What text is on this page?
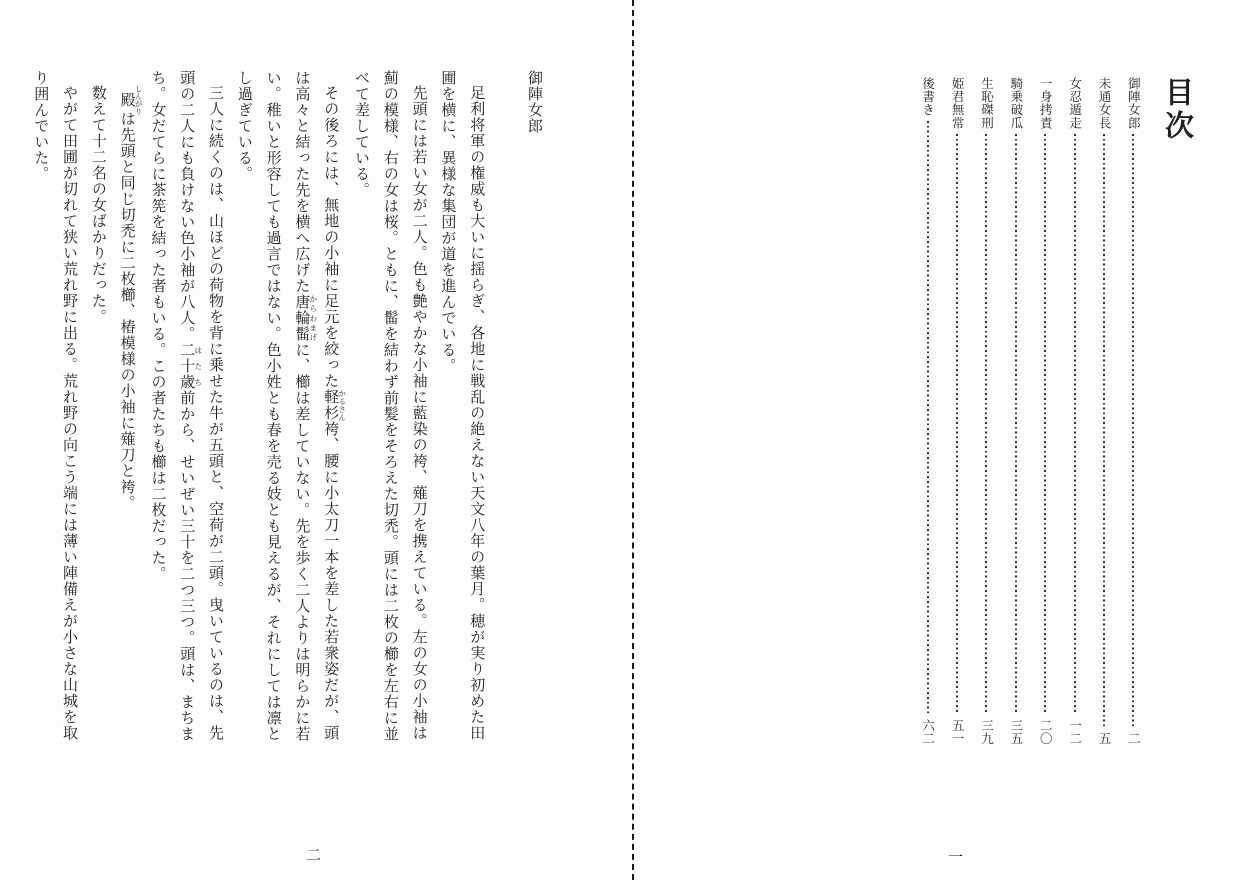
御陣女郎

足利将軍の権威も大いに揺らぎ、各地に戦乱の絶えない天文八年の葉月。穂が実り初めた田圃を横に、異様な集団が道を進んでいる。

先頭には若い女が二人。色も艶やかな小袖に藍染の袴、薙刀を携えている。左の女の小袖は薊の模様、右の女は桜。ともに、髷を結わず前髪をそろえた切禿。頭には二枚の櫛を左右に並べて差している。

その後ろには、無地の小袖に足元を絞った軽杉 かるさん袴、腰に小太刀一本を差した若衆姿だが、頭は高々と結った先を横へ広げた唐輪髷 からわまげに、櫛は差していない。先を歩く二人よりは明らかに若い。稚いと形容しても過言ではない。色小姓とも春を売る妓とも見えるが、それにしては凛とし過ぎている。

三人に続くのは、山ほどの荷物を背に乗せた牛が五頭と、空荷が二頭。曳いているのは、先頭の二人にも負けない色小袖が八人。二十歳 はたち前から、せいぜい三十を二つ三つ。頭は、まちまち。女だてらに茶筅を結った者もいる。この者たちも櫛は二枚だった。

殿 しんがりは先頭と同じ切禿に二枚櫛、椿模様の小袖に薙刀と袴。

数えて十二名の女ばかりだった。

やがて田圃が切れて狭い荒れ野に出る。荒れ野の向こう端には薄い陣備えが小さな山城を取り囲んでいた。

二
目次
御陣女郎
二
未通女長
五
女忍遁走
一二
一身拷責
二〇
騎乗破瓜
三五
生恥磔刑
三九
姫君無常
五一
後書き
六二
一
